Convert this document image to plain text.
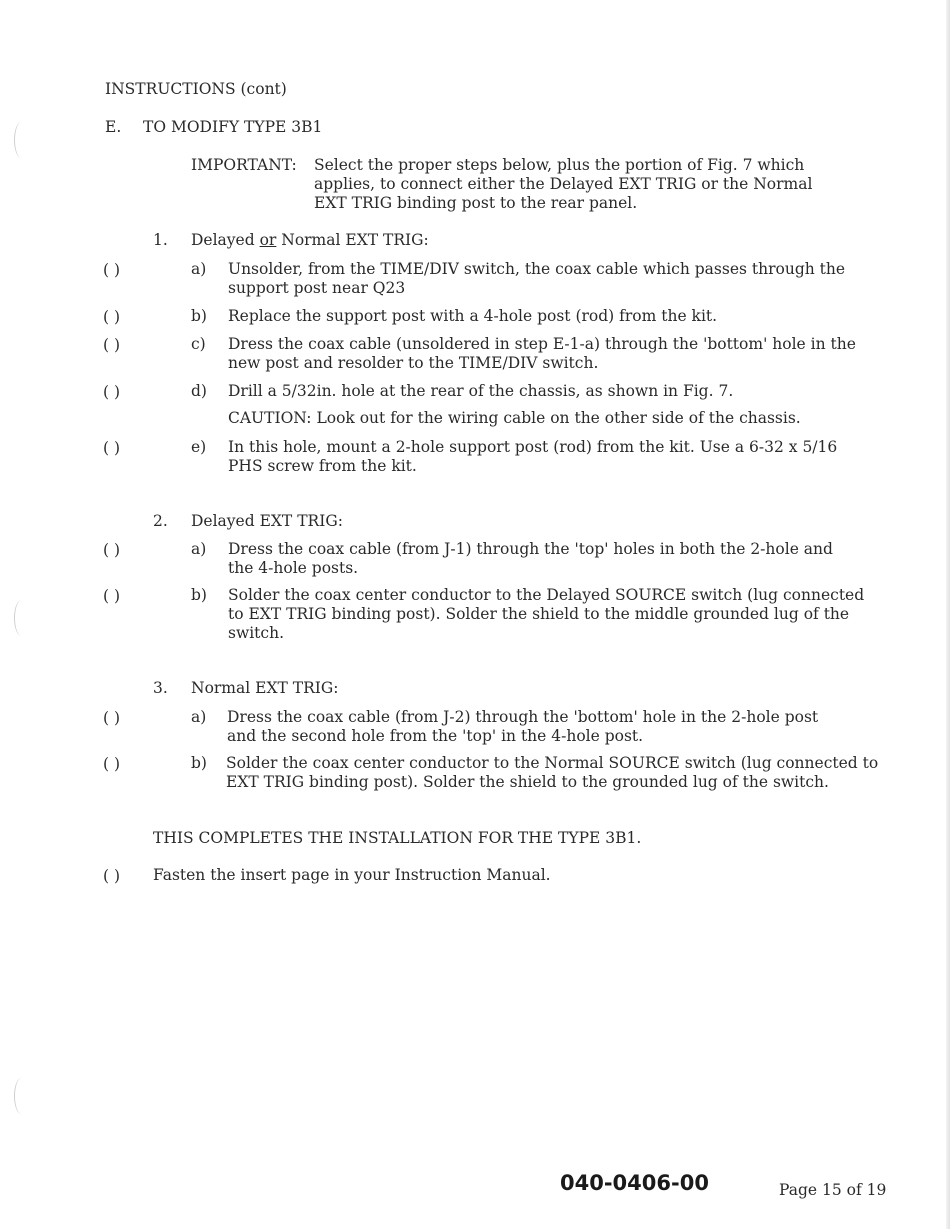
INSTRUCTIONS (cont)
E. TO MODIFY TYPE 3B1
IMPORTANT: Select the proper steps below, plus the portion of Fig. 7 which
applies, to connect either the Delayed EXT TRIG or the Normal
EXT TRIG binding post to the rear panel.
1. Delayed or Normal EXT TRIG:
( )	a) Unsolder, from the TIME/DIV switch, the coax cable which passes through the
support post near Q23
( )	b) Replace the support post with a 4-hole post (rod) from the kit.
( )	c) Dress the coax cable (unsoldered in step E-1-a) through the 'bottom' hole in the
new post and resolder to the TIME/DIV switch.
( )	d) Drill a 5/32in. hole at the rear of the chassis, as shown in Fig. 7.
CAUTION: Look out for the wiring cable on the other side of the chassis.
( )	e) In this hole, mount a 2-hole support post (rod) from the kit. Use a 6-32 x 5/16
PHS screw from the kit.
2. Delayed EXT TRIG:
( )	a) Dress the coax cable (from J-1) through the 'top' holes in both the 2-hole and
the 4-hole posts.
( )	b) Solder the coax center conductor to the Delayed SOURCE switch (lug connected
to EXT TRIG binding post). Solder the shield to the middle grounded lug of the
switch.
3. Normal EXT TRIG:
( )	a) Dress the coax cable (from J-2) through the 'bottom' hole in the 2-hole post
and the second hole from the 'top' in the 4-hole post.
( )	b) Solder the coax center conductor to the Normal SOURCE switch (lug connected to
EXT TRIG binding post). Solder the shield to the grounded lug of the switch.
THIS COMPLETES THE INSTALLATION FOR THE TYPE 3B1.
( ) Fasten the insert page in your Instruction Manual.
040-0406-00	Page 15 of 19
